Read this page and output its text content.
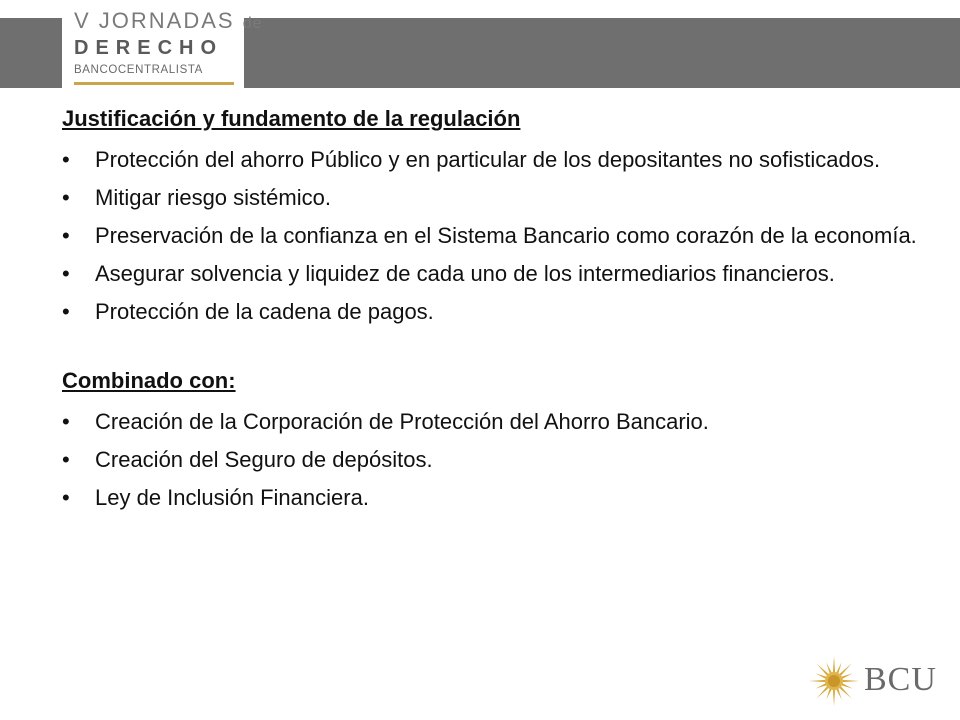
V JORNADAS de
DERECHO
BANCOCENTRALISTA

Justificación y fundamento de la regulación

•	Protección del ahorro Público y en particular de los depositantes no sofisticados.
•	Mitigar riesgo sistémico.
•	Preservación de la confianza en el Sistema Bancario como corazón de la economía.
•	Asegurar solvencia y liquidez de cada uno de los intermediarios financieros.
•	Protección de la cadena de pagos.

Combinado con:

•	Creación de la Corporación de Protección del Ahorro Bancario.
•	Creación del Seguro de depósitos.
•	Ley de Inclusión Financiera.
BCU
